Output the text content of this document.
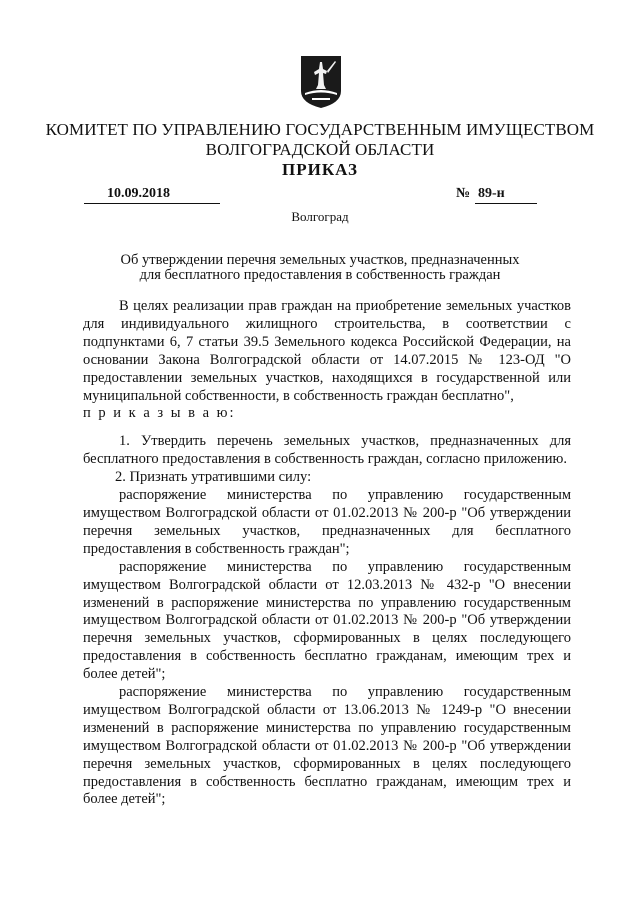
КОМИТЕТ ПО УПРАВЛЕНИЮ ГОСУДАРСТВЕННЫМ ИМУЩЕСТВОМ
ВОЛГОГРАДСКОЙ ОБЛАСТИ
ПРИКАЗ
10.09.2018	№ 89-н
Волгоград
Об утверждении перечня земельных участков, предназначенных
для бесплатного предоставления в собственность граждан

В целях реализации прав граждан на приобретение земельных участков для индивидуального жилищного строительства, в соответствии с подпунктами 6, 7 статьи 39.5 Земельного кодекса Российской Федерации, на основании Закона Волгоградской области от 14.07.2015 № 123-ОД "О предоставлении земельных участков, находящихся в государственной или муниципальной собственности, в собственность граждан бесплатно",

п р и к а з ы в а ю:

1. Утвердить перечень земельных участков, предназначенных для бесплатного предоставления в собственность граждан, согласно приложению.

2. Признать утратившими силу:

распоряжение министерства по управлению государственным имуществом Волгоградской области от 01.02.2013 № 200-р "Об утверждении перечня земельных участков, предназначенных для бесплатного предоставления в собственность граждан";

распоряжение министерства по управлению государственным имуществом Волгоградской области от 12.03.2013 № 432-р "О внесении изменений в распоряжение министерства по управлению государственным имуществом Волгоградской области от 01.02.2013 № 200-р "Об утверждении перечня земельных участков, сформированных в целях последующего предоставления в собственность бесплатно гражданам, имеющим трех и более детей";

распоряжение министерства по управлению государственным имуществом Волгоградской области от 13.06.2013 № 1249-р "О внесении изменений в распоряжение министерства по управлению государственным имуществом Волгоградской области от 01.02.2013 № 200-р "Об утверждении перечня земельных участков, сформированных в целях последующего предоставления в собственность бесплатно гражданам, имеющим трех и более детей";
